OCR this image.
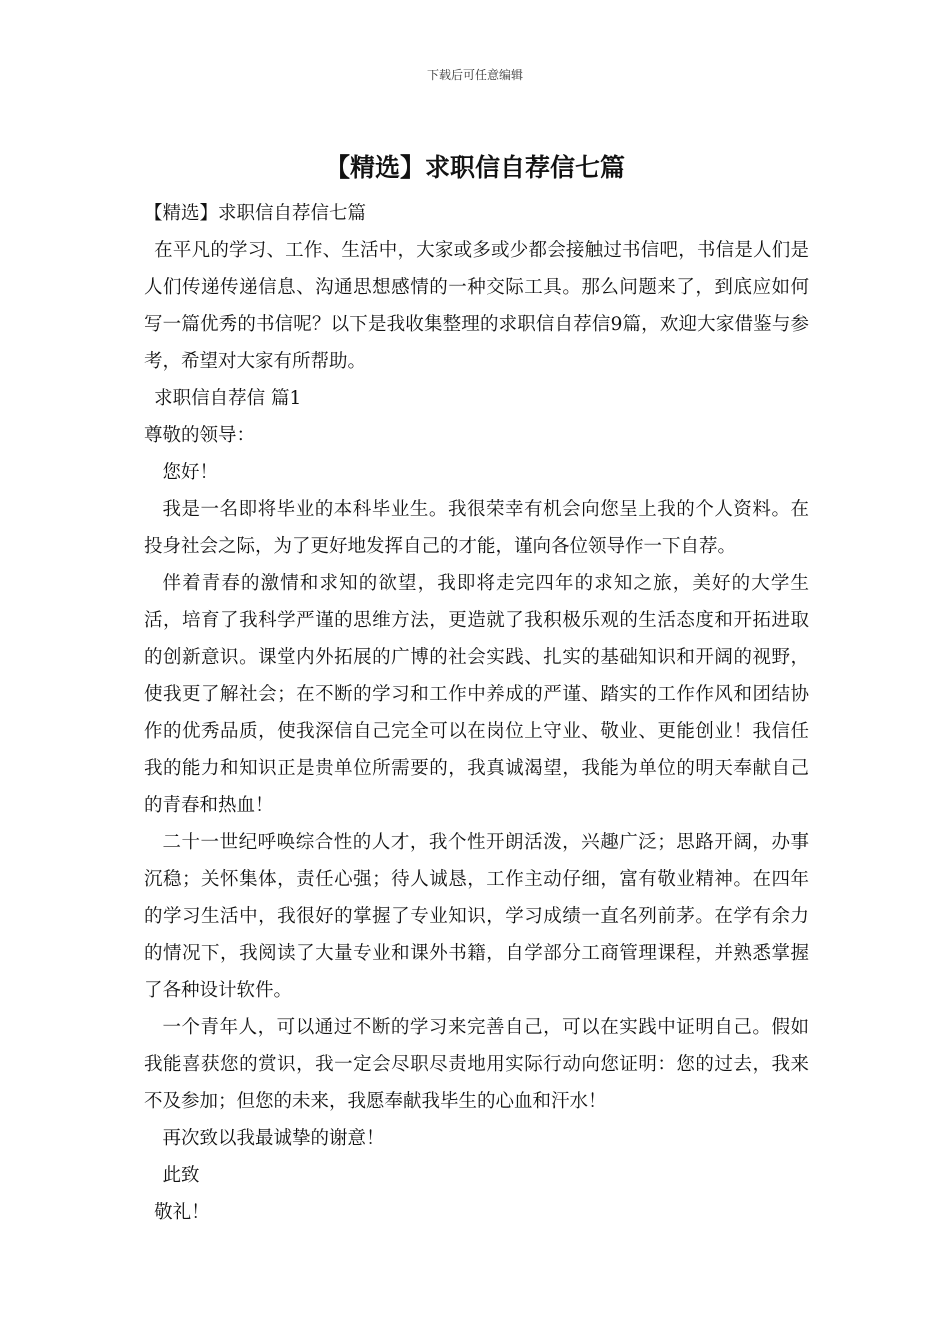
下载后可任意编辑
【精选】求职信自荐信七篇

【精选】求职信自荐信七篇

在平凡的学习、工作、生活中，大家或多或少都会接触过书信吧，书信是人们是人们传递传递信息、沟通思想感情的一种交际工具。那么问题来了，到底应如何写一篇优秀的书信呢？以下是我收集整理的求职信自荐信9篇，欢迎大家借鉴与参考，希望对大家有所帮助。

求职信自荐信 篇1

尊敬的领导：

您好！

我是一名即将毕业的本科毕业生。我很荣幸有机会向您呈上我的个人资料。在投身社会之际，为了更好地发挥自己的才能，谨向各位领导作一下自荐。

伴着青春的激情和求知的欲望，我即将走完四年的求知之旅，美好的大学生活，培育了我科学严谨的思维方法，更造就了我积极乐观的生活态度和开拓进取的创新意识。课堂内外拓展的广博的社会实践、扎实的基础知识和开阔的视野，使我更了解社会；在不断的学习和工作中养成的严谨、踏实的工作作风和团结协作的优秀品质，使我深信自己完全可以在岗位上守业、敬业、更能创业！我信任我的能力和知识正是贵单位所需要的，我真诚渴望，我能为单位的明天奉献自己的青春和热血！

二十一世纪呼唤综合性的人才，我个性开朗活泼，兴趣广泛；思路开阔，办事沉稳；关怀集体，责任心强；待人诚恳，工作主动仔细，富有敬业精神。在四年的学习生活中，我很好的掌握了专业知识，学习成绩一直名列前茅。在学有余力的情况下，我阅读了大量专业和课外书籍，自学部分工商管理课程，并熟悉掌握了各种设计软件。

一个青年人，可以通过不断的学习来完善自己，可以在实践中证明自己。假如我能喜获您的赏识，我一定会尽职尽责地用实际行动向您证明：您的过去，我来不及参加；但您的未来，我愿奉献我毕生的心血和汗水！

再次致以我最诚挚的谢意！

此致

敬礼！
